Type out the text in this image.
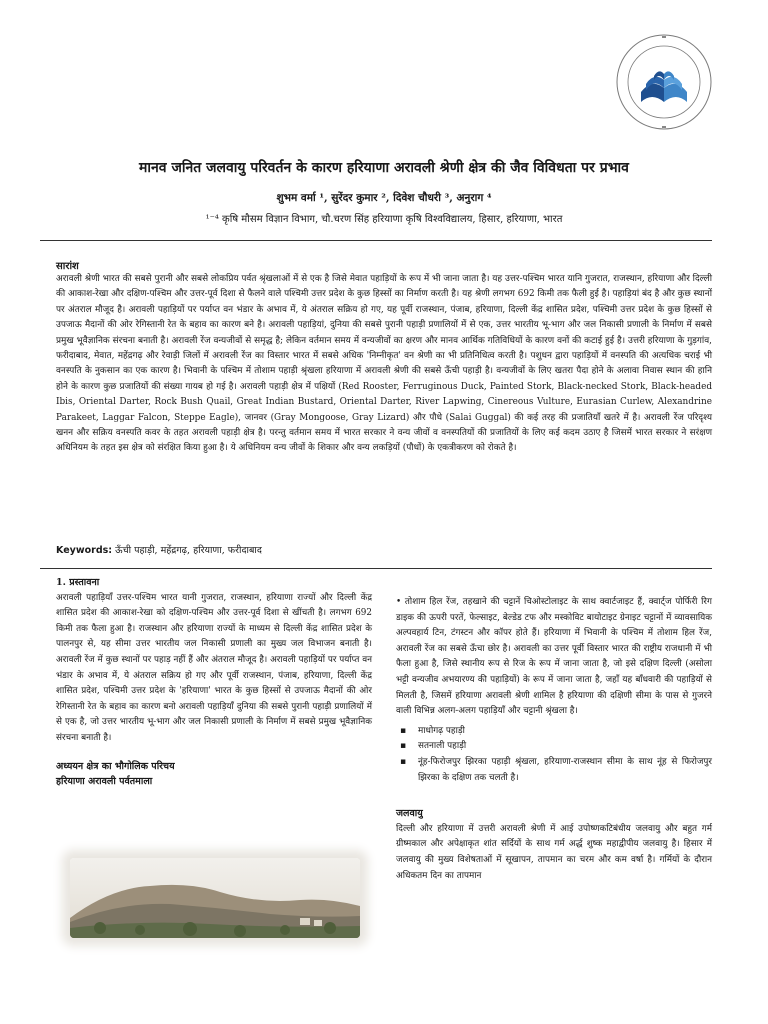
मानव जनित जलवायु परिवर्तन के कारण हरियाणा अरावली श्रेणी क्षेत्र की जैव विविधता पर प्रभाव
शुभम वर्मा ¹, सुरेंदर कुमार ², दिवेश चौधरी ³, अनुराग ⁴
¹⁻⁴ कृषि मौसम विज्ञान विभाग, चौ.चरण सिंह हरियाणा कृषि विश्वविद्यालय, हिसार, हरियाणा, भारत
सारांश

अरावली श्रेणी भारत की सबसे पुरानी और सबसे लोकप्रिय पर्वत श्रृंखलाओं में से एक है जिसे मेवात पहाड़ियों के रूप में भी जाना जाता है। यह उत्तर-पश्चिम भारत यानि गुजरात, राजस्थान, हरियाणा और दिल्ली की आकाश-रेखा और दक्षिण-पश्चिम और उत्तर-पूर्व दिशा से फैलने वाले पश्चिमी उत्तर प्रदेश के कुछ हिस्सों का निर्माण करती है। यह श्रेणी लगभग 692 किमी तक फैली हुई है। पहाड़ियां बंद है और कुछ स्थानों पर अंतराल मौजूद है। अरावली पहाड़ियों पर पर्याप्त वन भंडार के अभाव में, ये अंतराल सक्रिय हो गए, यह पूर्वी राजस्थान, पंजाब, हरियाणा, दिल्ली केंद्र शासित प्रदेश, पश्चिमी उत्तर प्रदेश के कुछ हिस्सों से उपजाऊ मैदानों की ओर रेगिस्तानी रेत के बहाव का कारण बने है। अरावली पहाड़ियां, दुनिया की सबसे पुरानी पहाड़ी प्रणालियों में से एक, उत्तर भारतीय भू-भाग और जल निकासी प्रणाली के निर्माण में सबसे प्रमुख भूवैज्ञानिक संरचना बनाती है। अरावली रेंज वन्यजीवों से समृद्ध है; लेकिन वर्तमान समय में वन्यजीवों का क्षरण और मानव आर्थिक गतिविधियों के कारण वनों की कटाई हुई है। उत्तरी हरियाणा के गुड़गांव, फरीदाबाद, मेवात, महेंद्रगढ़ और रेवाड़ी जिलों में अरावली रेंज का विस्तार भारत में सबसे अधिक 'निम्नीकृत' वन श्रेणी का भी प्रतिनिधित्व करती है। पशुधन द्वारा पहाड़ियों में वनस्पति की अत्यधिक चराई भी वनस्पति के नुकसान का एक कारण है। भिवानी के पश्चिम में तोशाम पहाड़ी श्रृंखला हरियाणा में अरावली श्रेणी की सबसे ऊँची पहाड़ी है। वन्यजीवों के लिए खतरा पैदा होने के अलावा निवास स्थान की हानि होने के कारण कुछ प्रजातियों की संख्या गायब हो गई है। अरावली पहाड़ी क्षेत्र में पक्षियों (Red Rooster, Ferruginous Duck, Painted Stork, Black-necked Stork, Black-headed Ibis, Oriental Darter, Rock Bush Quail, Great Indian Bustard, Oriental Darter, River Lapwing, Cinereous Vulture, Eurasian Curlew, Alexandrine Parakeet, Laggar Falcon, Steppe Eagle), जानवर (Gray Mongoose, Gray Lizard) और पौधे (Salai Guggal) की कई तरह की प्रजातियाँ खतरे में है। अरावली रेंज परिदृश्य खनन और सक्रिय वनस्पति कवर के तहत अरावली पहाड़ी क्षेत्र है। परन्तु वर्तमान समय में भारत सरकार ने वन्य जीवों व वनस्पतियों की प्रजातियों के लिए कई कदम उठाए है जिसमें भारत सरकार ने सरंक्षण अधिनियम के तहत इस क्षेत्र को संरक्षित किया हुआ है। ये अधिनियम वन्य जीवों के शिकार और वन्य लकड़ियों (पौधों) के एकत्रीकरण को रोकते है।

Keywords: ऊँची पहाड़ी, महेंद्रगढ़, हरियाणा, फरीदाबाद

1. प्रस्तावना

अरावली पहाड़ियाँ उत्तर-पश्चिम भारत यानी गुजरात, राजस्थान, हरियाणा राज्यों और दिल्ली केंद्र शासित प्रदेश की आकाश-रेखा को दक्षिण-पश्चिम और उत्तर-पूर्व दिशा से खींचती है। लगभग 692 किमी तक फैला हुआ है। राजस्थान और हरियाणा राज्यों के माध्यम से दिल्ली केंद्र शासित प्रदेश के पालनपुर से, यह सीमा उत्तर भारतीय जल निकासी प्रणाली का मुख्य जल विभाजन बनाती है। अरावली रेंज में कुछ स्थानों पर पहाड़ नहीं हैं और अंतराल मौजूद है। अरावली पहाड़ियों पर पर्याप्त वन भंडार के अभाव में, ये अंतराल सक्रिय हो गए और पूर्वी राजस्थान, पंजाब, हरियाणा, दिल्ली केंद्र शासित प्रदेश, पश्चिमी उत्तर प्रदेश के 'हरियाणा' भारत के कुछ हिस्सों से उपजाऊ मैदानों की ओर रेगिस्तानी रेत के बहाव का कारण बनो अरावली पहाड़ियाँ दुनिया की सबसे पुरानी पहाड़ी प्रणालियों में से एक है, जो उत्तर भारतीय भू-भाग और जल निकासी प्रणाली के निर्माण में सबसे प्रमुख भूवैज्ञानिक संरचना बनाती है।

अध्ययन क्षेत्र का भौगोलिक परिचय

हरियाणा अरावली पर्वतमाला

• तोशाम हिल रेंज, तहखाने की चट्टानें चिओस्टोलाइट के साथ क्वार्टजाइट हैं, क्वार्ट्ज पोर्फिरी रिग डाइक की ऊपरी परतें, फेल्साइट, बेल्डेड टफ और मस्कोविट बायोटाइट ग्रेनाइट चट्टानों में व्यावसायिक अल्पवहार्य टिन, टंगस्टन और कॉपर होते हैं। हरियाणा में भिवानी के पश्चिम में तोशाम हिल रेंज, अरावली रेंज का सबसे ऊँचा छोर है। अरावली का उत्तर पूर्वी विस्तार भारत की राष्ट्रीय राजधानी में भी फैला हुआ है, जिसे स्थानीय रूप से रिज के रूप में जाना जाता है, जो इसे दक्षिण दिल्ली (असोला भट्टी वन्यजीव अभयारण्य की पहाड़ियों) के रूप में जाना जाता है, जहाँ यह बाँधवारी की पहाड़ियों से मिलती है, जिसमें हरियाणा अरावली श्रेणी शामिल है हरियाणा की दक्षिणी सीमा के पास से गुजरने वाली विभिन्न अलग-अलग पहाड़ियाँ और चट्टानी श्रृंखला है।

▪ माधोगढ़ पहाड़ी
▪ सतनाली पहाड़ी
▪ नूंह-फिरोजपुर झिरका पहाड़ी श्रृंखला, हरियाणा-राजस्थान सीमा के साथ नूंह से फिरोजपुर झिरका के दक्षिण तक चलती है।

जलवायु

दिल्ली और हरियाणा में उत्तरी अरावली श्रेणी में आई उपोष्णकटिबंधीय जलवायु और बहुत गर्म ग्रीष्मकाल और अपेक्षाकृत शांत सर्दियों के साथ गर्म अर्द्ध शुष्क महाद्वीपीय जलवायु है। हिसार में जलवायु की मुख्य विशेषताओं में सूखापन, तापमान का चरम और कम वर्षा है। गर्मियों के दौरान अधिकतम दिन का तापमान
